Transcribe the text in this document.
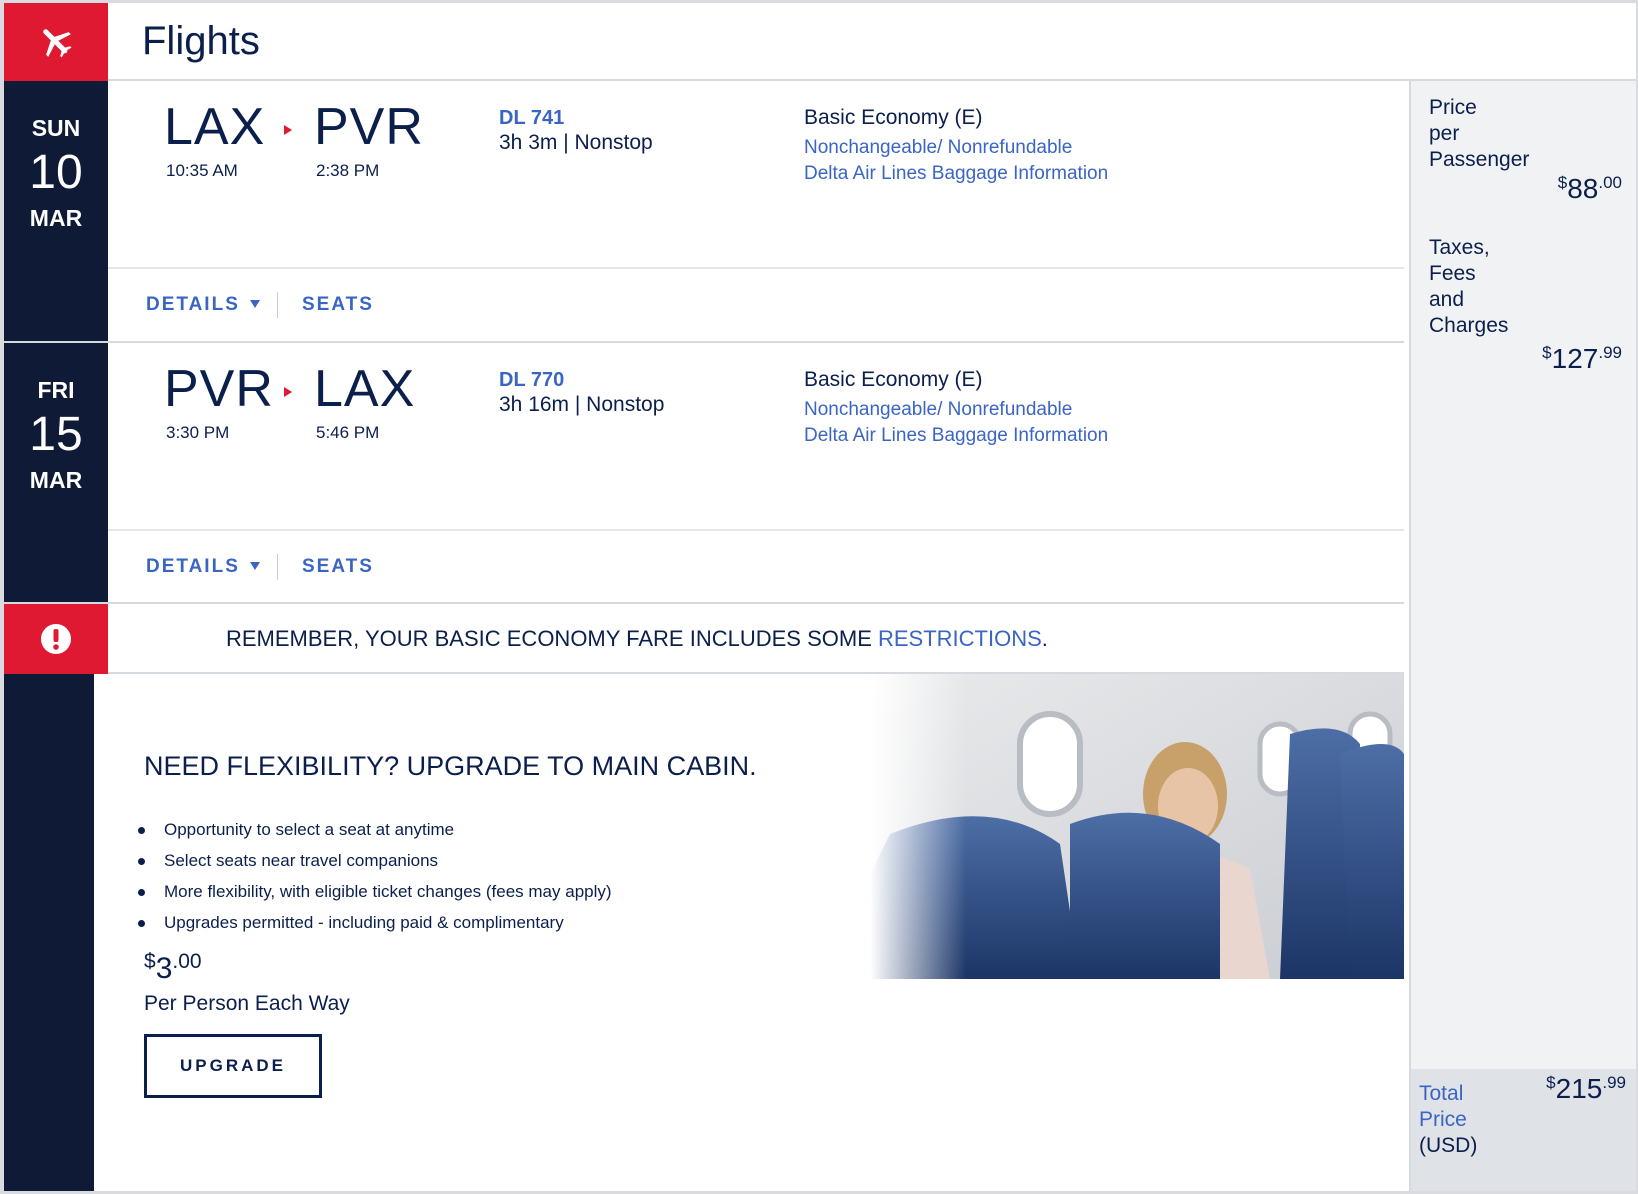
Flights
SUN
10
MAR
LAX
10:35 AM
PVR
2:38 PM
DL 741
3h 3m | Nonstop
Basic Economy (E)
Nonchangeable/ Nonrefundable
Delta Air Lines Baggage Information
DETAILS	SEATS
FRI
15
MAR
PVR
3:30 PM
LAX
5:46 PM
DL 770
3h 16m | Nonstop
Basic Economy (E)
Nonchangeable/ Nonrefundable
Delta Air Lines Baggage Information
DETAILS	SEATS
REMEMBER, YOUR BASIC ECONOMY FARE INCLUDES SOME RESTRICTIONS.
NEED FLEXIBILITY? UPGRADE TO MAIN CABIN.
Opportunity to select a seat at anytime
Select seats near travel companions
More flexibility, with eligible ticket changes (fees may apply)
Upgrades permitted - including paid & complimentary
$^{\$}3^{.00}$
Per Person Each Way
UPGRADE
Price
per
Passenger
$^{\$}88^{.00}$
Taxes,
Fees
and
Charges
$^{\$}127^{.99}$
Total
Price
(USD)
$^{\$}215^{.99}$
